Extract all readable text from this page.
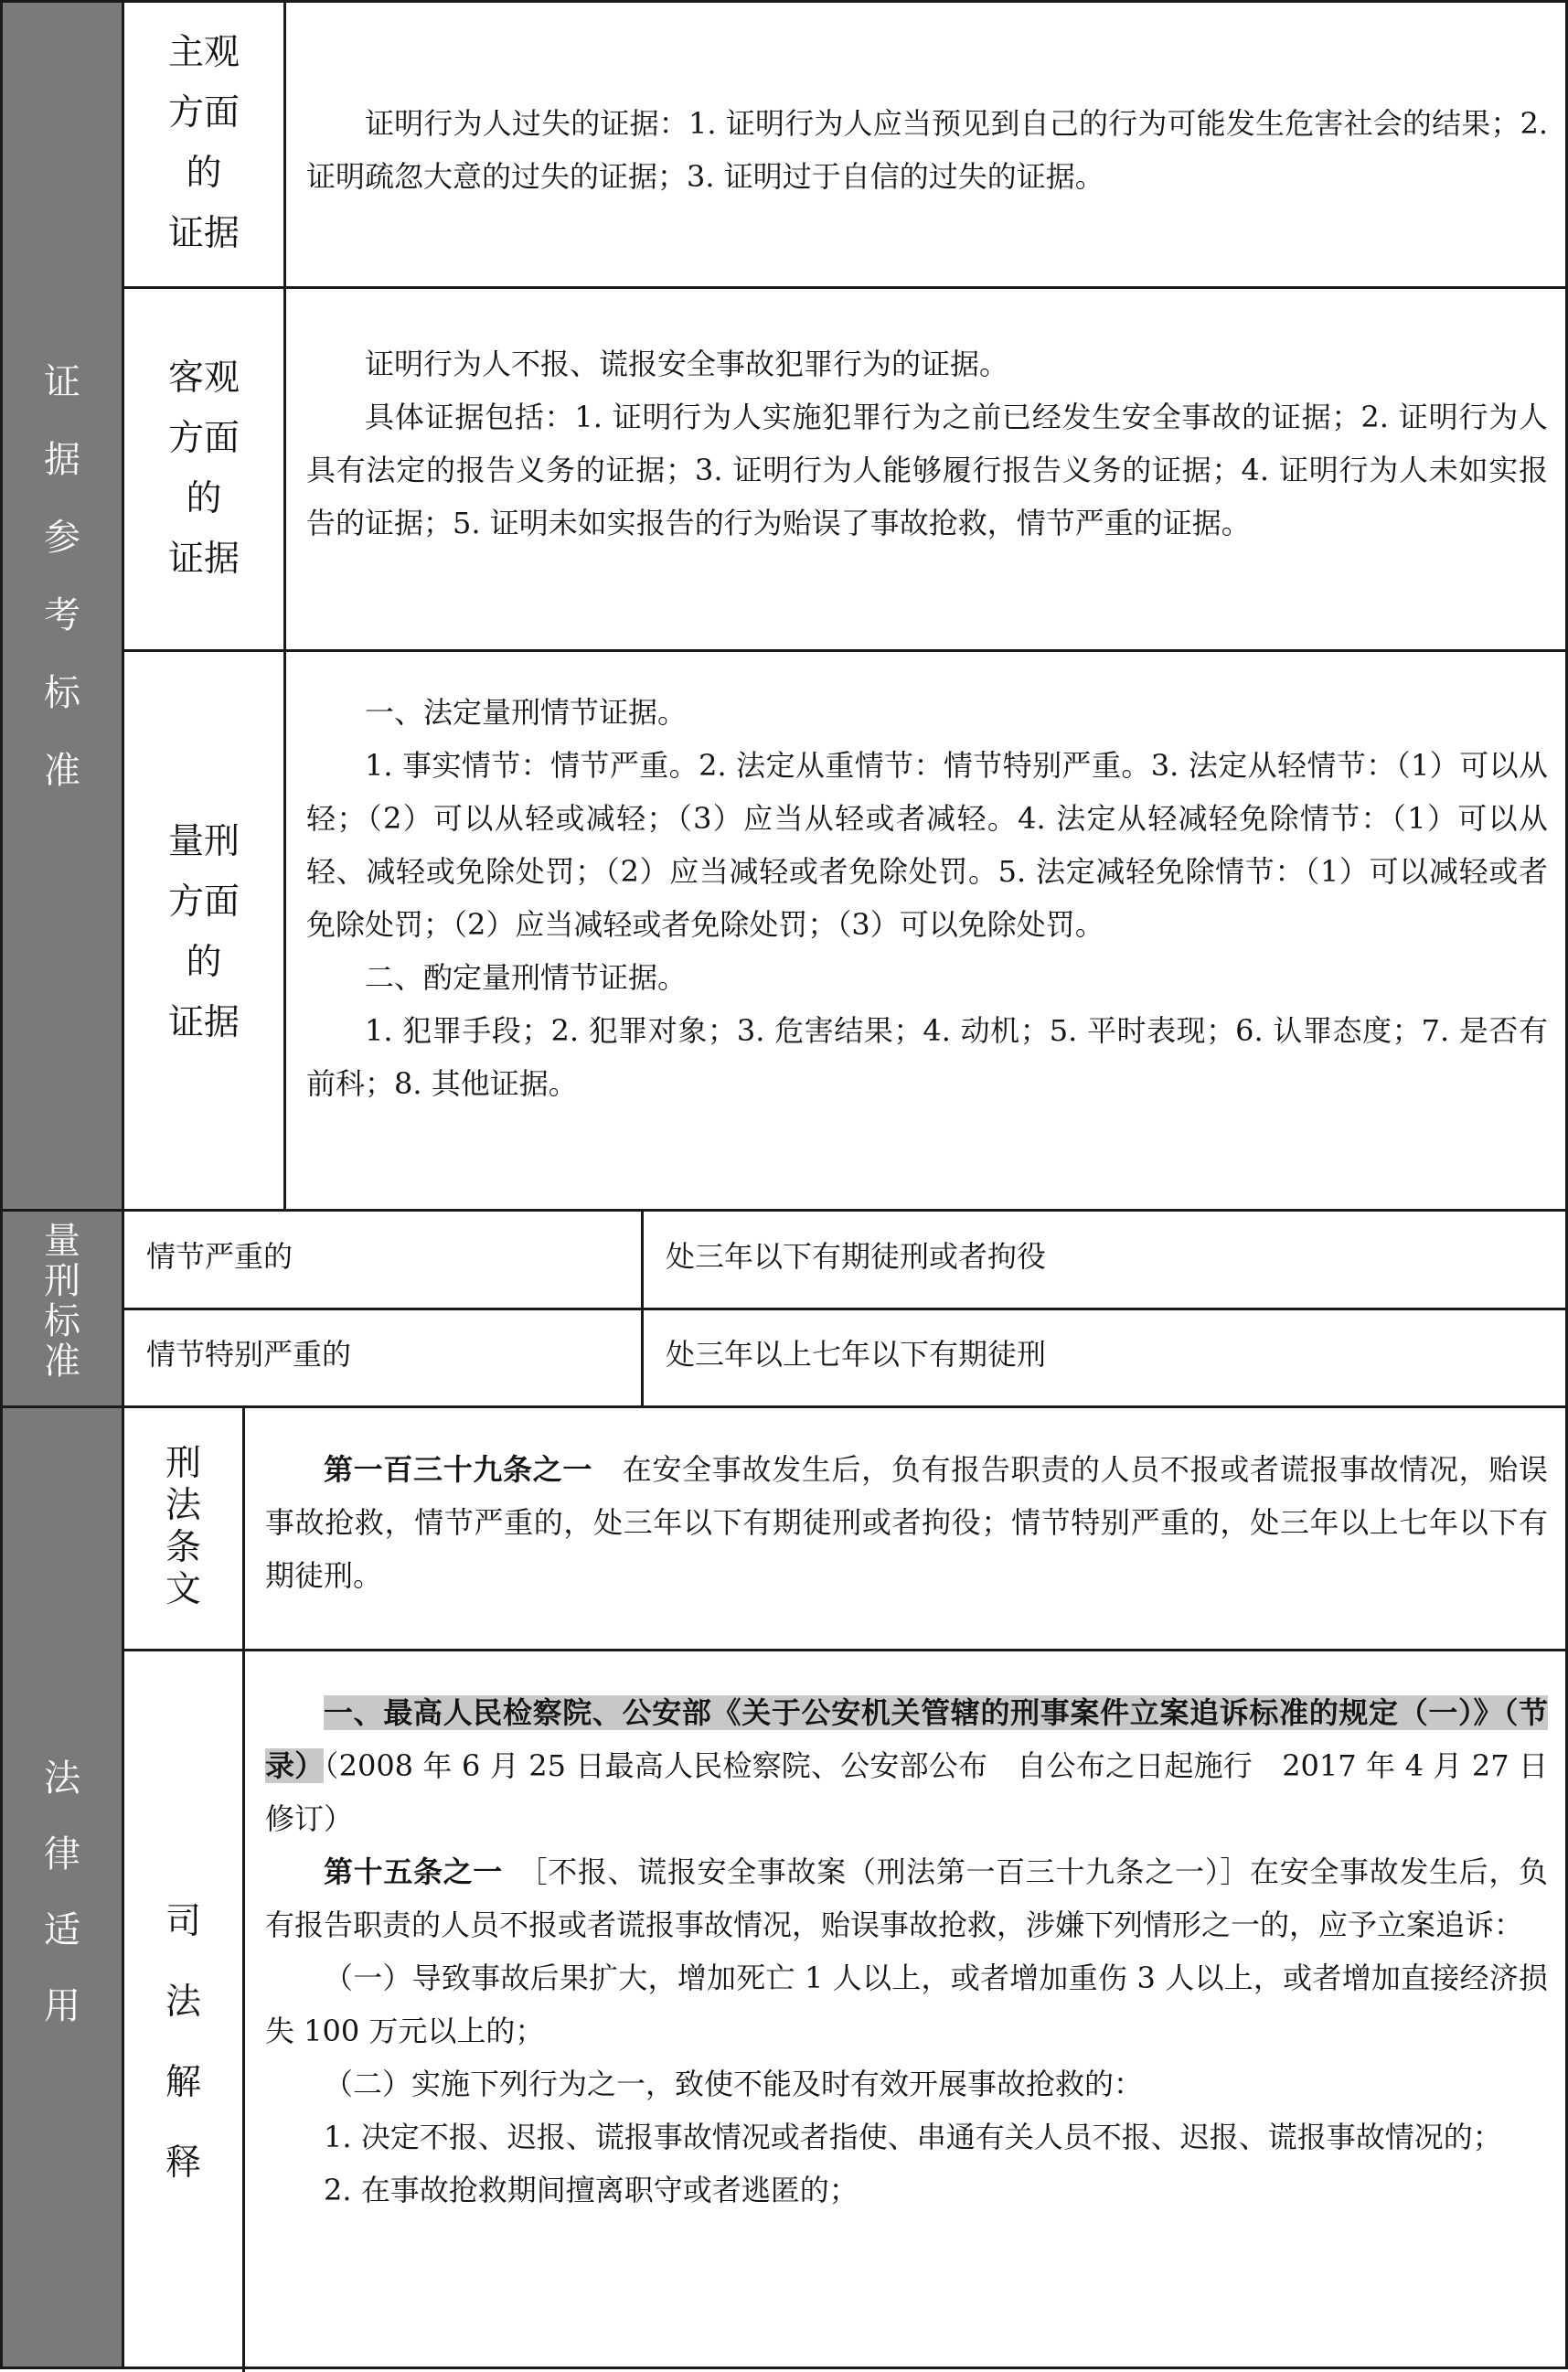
证
据
参
考
标
准
主观
方面
的
证据

证明行为人过失的证据：1. 证明行为人应当预见到自己的行为可能发生危害社会的结果；2. 证明疏忽大意的过失的证据；3. 证明过于自信的过失的证据。

客观
方面
的
证据

证明行为人不报、谎报安全事故犯罪行为的证据。

具体证据包括：1. 证明行为人实施犯罪行为之前已经发生安全事故的证据；2. 证明行为人具有法定的报告义务的证据；3. 证明行为人能够履行报告义务的证据；4. 证明行为人未如实报告的证据；5. 证明未如实报告的行为贻误了事故抢救，情节严重的证据。

量刑
方面
的
证据

一、法定量刑情节证据。

1. 事实情节：情节严重。2. 法定从重情节：情节特别严重。3. 法定从轻情节：（1）可以从轻；（2）可以从轻或减轻；（3）应当从轻或者减轻。4. 法定从轻减轻免除情节：（1）可以从轻、减轻或免除处罚；（2）应当减轻或者免除处罚。5. 法定减轻免除情节：（1）可以减轻或者免除处罚；（2）应当减轻或者免除处罚；（3）可以免除处罚。

二、酌定量刑情节证据。

1. 犯罪手段；2. 犯罪对象；3. 危害结果；4. 动机；5. 平时表现；6. 认罪态度；7. 是否有前科；8. 其他证据。

量
刑
标
准
情节严重的	处三年以下有期徒刑或者拘役
情节特别严重的	处三年以上七年以下有期徒刑
法
律
适
用
刑
法
条
文

第一百三十九条之一　 在安全事故发生后，负有报告职责的人员不报或者谎报事故情况，贻误事故抢救，情节严重的，处三年以下有期徒刑或者拘役；情节特别严重的，处三年以上七年以下有期徒刑。

司
法
解
释

一、最高人民检察院、公安部《关于公安机关管辖的刑事案件立案追诉标准的规定（一）》（节录）（2008 年 6 月 25 日最高人民检察院、公安部公布　自公布之日起施行　2017 年 4 月 27 日修订）

第十五条之一　 ［不报、谎报安全事故案（刑法第一百三十九条之一）］在安全事故发生后，负有报告职责的人员不报或者谎报事故情况，贻误事故抢救，涉嫌下列情形之一的，应予立案追诉：

（一）导致事故后果扩大，增加死亡 1 人以上，或者增加重伤 3 人以上，或者增加直接经济损失 100 万元以上的；

（二）实施下列行为之一，致使不能及时有效开展事故抢救的：

1. 决定不报、迟报、谎报事故情况或者指使、串通有关人员不报、迟报、谎报事故情况的；

2. 在事故抢救期间擅离职守或者逃匿的；
